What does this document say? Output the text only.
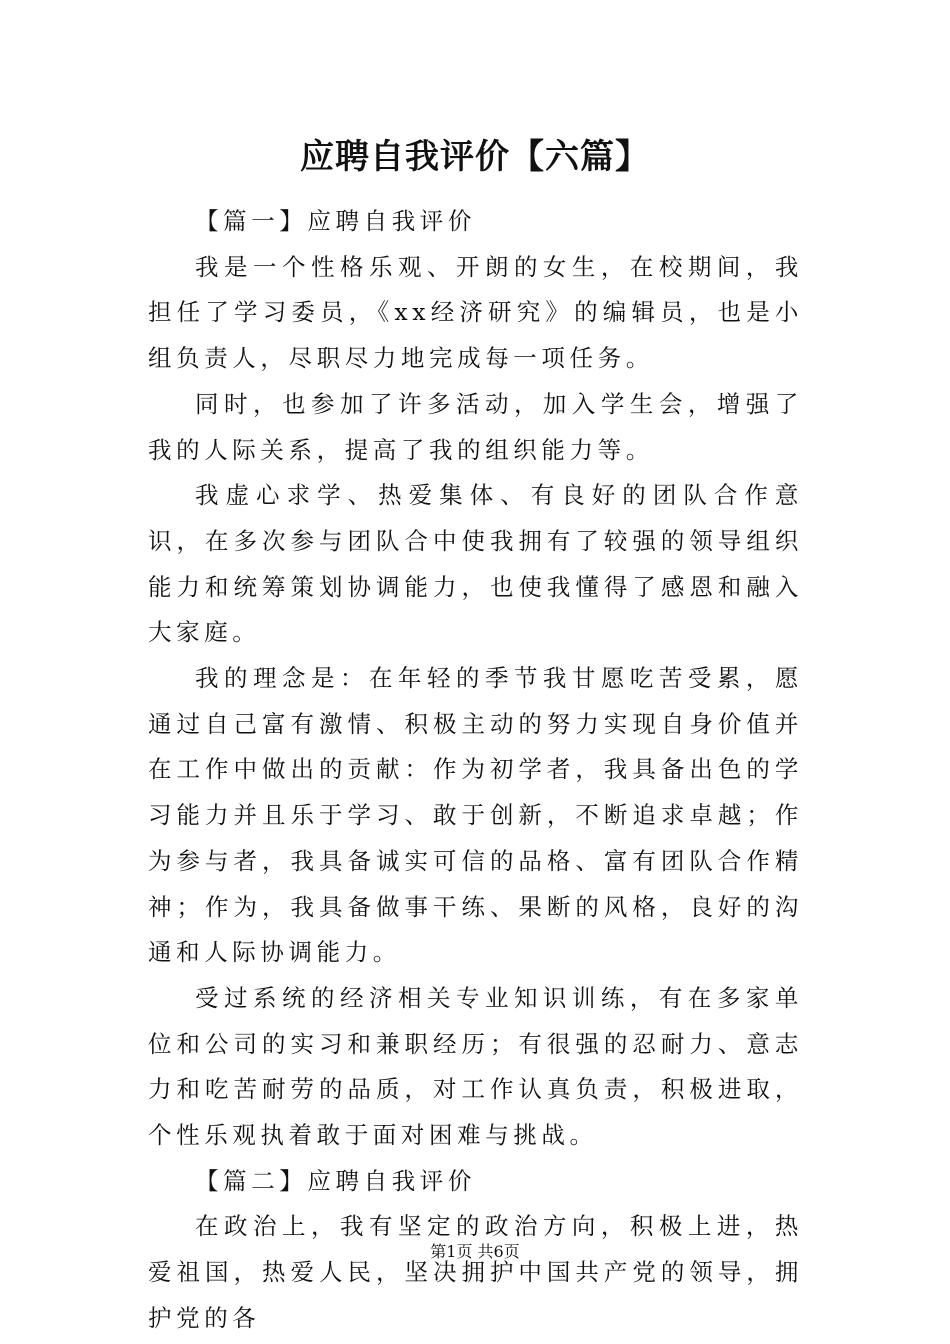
应聘自我评价【六篇】

【篇一】应聘自我评价

我是一个性格乐观、开朗的女生，在校期间，我担任了学习委员，《xx经济研究》的编辑员，也是小组负责人，尽职尽力地完成每一项任务。

同时，也参加了许多活动，加入学生会，增强了我的人际关系，提高了我的组织能力等。

我虚心求学、热爱集体、有良好的团队合作意识，在多次参与团队合中使我拥有了较强的领导组织能力和统筹策划协调能力，也使我懂得了感恩和融入大家庭。

我的理念是：在年轻的季节我甘愿吃苦受累，愿通过自己富有激情、积极主动的努力实现自身价值并在工作中做出的贡献：作为初学者，我具备出色的学习能力并且乐于学习、敢于创新，不断追求卓越；作为参与者，我具备诚实可信的品格、富有团队合作精神；作为，我具备做事干练、果断的风格，良好的沟通和人际协调能力。

受过系统的经济相关专业知识训练，有在多家单位和公司的实习和兼职经历；有很强的忍耐力、意志力和吃苦耐劳的品质，对工作认真负责，积极进取，个性乐观执着敢于面对困难与挑战。

【篇二】应聘自我评价

在政治上，我有坚定的政治方向，积极上进，热爱祖国，热爱人民，坚决拥护中国共产党的领导，拥护党的各

第1页 共6页
